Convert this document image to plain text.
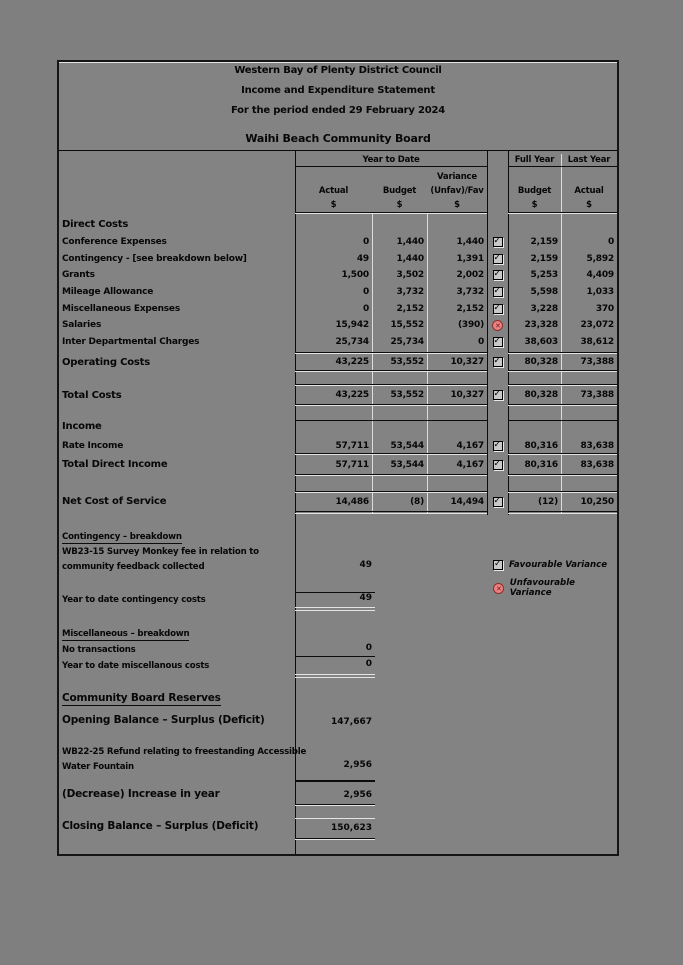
Western Bay of Plenty District Council
Income and Expenditure Statement
For the period ended 29 February 2024
Waihi Beach Community Board
Year to Date	Full Year	Last Year
Variance
Actual	Budget	(Unfav)/Fav	Budget	Actual
$	$	$	$	$
Direct Costs
Conference Expenses	0	1,440	1,440 ✓	2,159	0
Contingency - [see breakdown below]	49	1,440	1,391 ✓	2,159	5,892
Grants	1,500	3,502	2,002 ✓	5,253	4,409
Mileage Allowance	0	3,732	3,732 ✓	5,598	1,033
Miscellaneous Expenses	0	2,152	2,152 ✓	3,228	370
Salaries	15,942	15,552	(390) ✕	23,328	23,072
Inter Departmental Charges	25,734	25,734	0 ✓	38,603	38,612
Operating Costs	43,225	53,552	10,327 ✓	80,328	73,388
Total Costs	43,225	53,552	10,327 ✓	80,328	73,388
Income
Rate Income	57,711	53,544	4,167 ✓	80,316	83,638
Total Direct Income	57,711	53,544	4,167 ✓	80,316	83,638
Net Cost of Service	14,486	(8)	14,494 ✓	(12)	10,250
Contingency – breakdown
WB23-15 Survey Monkey fee in relation to community feedback collected	49 ✓	Favourable Variance
✕
Unfavourable Variance
Year to date contingency costs	49
Miscellaneous – breakdown
No transactions	0
Year to date miscellanous costs	0
Community Board Reserves
Opening Balance – Surplus (Deficit)	147,667
WB22-25 Refund relating to freestanding Accessible Water Fountain	2,956
(Decrease) Increase in year	2,956
Closing Balance – Surplus (Deficit)	150,623
